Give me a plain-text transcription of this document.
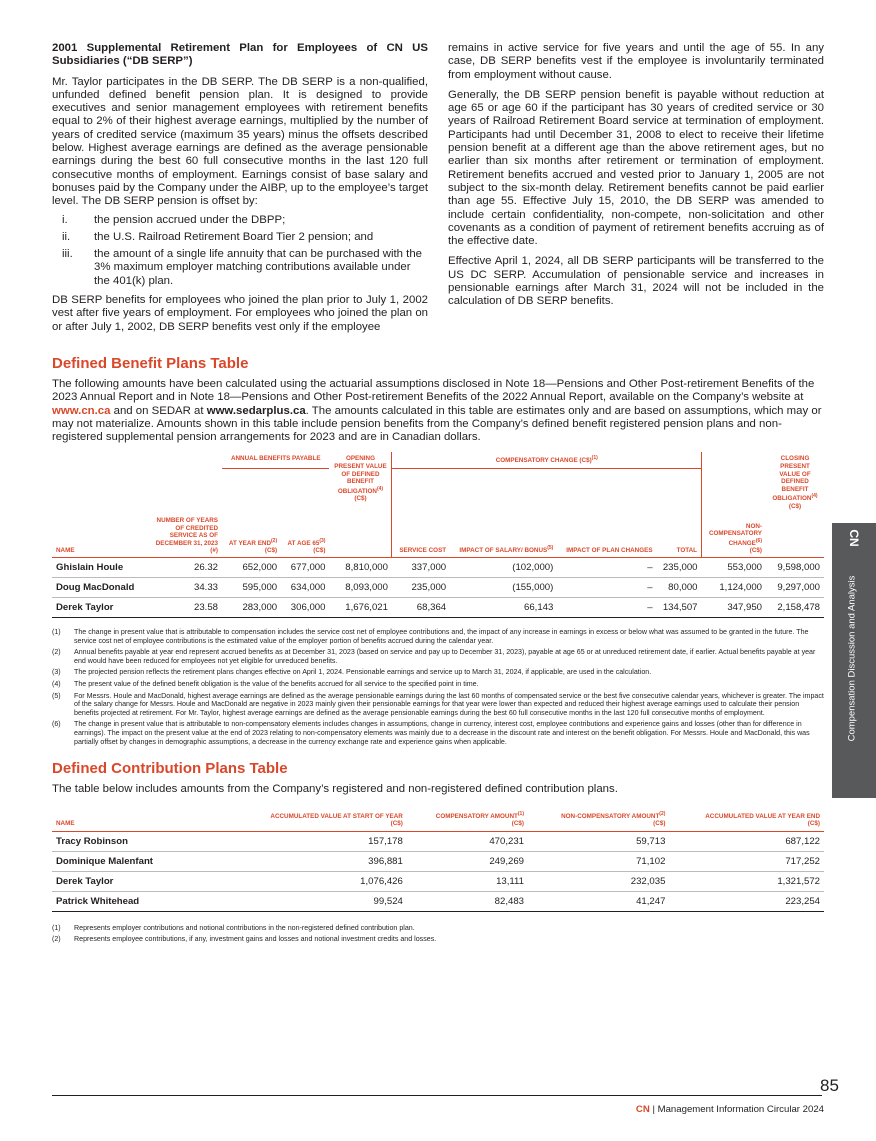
2001 Supplemental Retirement Plan for Employees of CN US Subsidiaries (“DB SERP”)

Mr. Taylor participates in the DB SERP. The DB SERP is a non-qualified, unfunded defined benefit pension plan. It is designed to provide executives and senior management employees with retirement benefits equal to 2% of their highest average earnings, multiplied by the number of years of credited service (maximum 35 years) minus the offsets described below. Highest average earnings are defined as the average pensionable earnings during the best 60 full consecutive months in the last 120 full consecutive months of employment. Earnings consist of base salary and bonuses paid by the Company under the AIBP, up to the employee’s target level. The DB SERP pension is offset by:

i.	the pension accrued under the DBPP;
ii.	the U.S. Railroad Retirement Board Tier 2 pension; and
iii.	the amount of a single life annuity that can be purchased with the 3% maximum employer matching contributions available under the 401(k) plan.

DB SERP benefits for employees who joined the plan prior to July 1, 2002 vest after five years of employment. For employees who joined the plan on or after July 1, 2002, DB SERP benefits vest only if the employee

remains in active service for five years and until the age of 55. In any case, DB SERP benefits vest if the employee is involuntarily terminated from employment without cause.

Generally, the DB SERP pension benefit is payable without reduction at age 65 or age 60 if the participant has 30 years of credited service or 30 years of Railroad Retirement Board service at termination of employment. Participants had until December 31, 2008 to elect to receive their lifetime pension benefit at a different age than the above retirement ages, but no earlier than six months after retirement or termination of employment. Retirement benefits accrued and vested prior to January 1, 2005 are not subject to the six-month delay. Retirement benefits cannot be paid earlier than age 55. Effective July 15, 2010, the DB SERP was amended to include certain confidentiality, non-compete, non-solicitation and other covenants as a condition of payment of retirement benefits accruing as of the effective date.

Effective April 1, 2024, all DB SERP participants will be transferred to the US DC SERP. Accumulation of pensionable service and increases in pensionable earnings after March 31, 2024 will not be included in the calculation of DB SERP benefits.

Defined Benefit Plans Table

The following amounts have been calculated using the actuarial assumptions disclosed in Note 18—Pensions and Other Post-retirement Benefits of the 2023 Annual Report and in Note 18—Pensions and Other Post-retirement Benefits of the 2022 Annual Report, available on the Company’s website at www.cn.ca and on SEDAR at www.sedarplus.ca. The amounts calculated in this table are estimates only and are based on assumptions, which may or may not materialize. Amounts shown in this table include pension benefits from the Company’s defined benefit registered pension plans and non-registered supplemental pension arrangements for 2023 and are in Canadian dollars.

		ANNUAL BENEFITS PAYABLE		OPENING PRESENT VALUE OF DEFINED BENEFIT OBLIGATION$^{(4)}$
(C$)	COMPENSATORY CHANGE (C$)$^{(1)}$					CLOSING PRESENT VALUE OF DEFINED BENEFIT OBLIGATION$^{(4)}$
(C$)

NAME	NUMBER OF YEARS OF CREDITED SERVICE AS OF DECEMBER 31, 2023
(#)	AT YEAR END$^{(2)}$
(C$)	AT AGE 65$^{(3)}$
(C$)		SERVICE COST	IMPACT OF SALARY/ BONUS$^{(5)}$	IMPACT OF PLAN CHANGES	TOTAL	NON- COMPENSATORY CHANGE$^{(6)}$
(C$)	
Ghislain Houle	26.32	652,000	677,000	8,810,000	337,000	(102,000)	–	235,000	553,000	9,598,000
Doug MacDonald	34.33	595,000	634,000	8,093,000	235,000	(155,000)	–	80,000	1,124,000	9,297,000
Derek Taylor	23.58	283,000	306,000	1,676,021	68,364	66,143	–	134,507	347,950	2,158,478
(1)	The change in present value that is attributable to compensation includes the service cost net of employee contributions and, the impact of any increase in earnings in excess or below what was assumed to be granted in the future. The service cost net of employee contributions is the estimated value of the employer portion of benefits accrued during the calendar year.
(2)	Annual benefits payable at year end represent accrued benefits as at December 31, 2023 (based on service and pay up to December 31, 2023), payable at age 65 or at unreduced retirement date, if earlier. Actual benefits payable at year end would have been reduced for employees not yet eligible for unreduced benefits.
(3)	The projected pension reflects the retirement plans changes effective on April 1, 2024. Pensionable earnings and service up to March 31, 2024, if applicable, are used in the calculation.
(4)	The present value of the defined benefit obligation is the value of the benefits accrued for all service to the specified point in time.
(5)	For Messrs. Houle and MacDonald, highest average earnings are defined as the average pensionable earnings during the last 60 months of compensated service or the best five consecutive calendar years, whichever is greater. The impact of the salary change for Messrs. Houle and MacDonald are negative in 2023 mainly given their pensionable earnings for that year were lower than expected and reduced their highest average earnings used to calculate their pension benefits projected at retirement. For Mr. Taylor, highest average earnings are defined as the average pensionable earnings during the best 60 full consecutive months in the last 120 full consecutive months of employment.
(6)	The change in present value that is attributable to non-compensatory elements includes changes in assumptions, change in currency, interest cost, employee contributions and experience gains and losses (other than for difference in earnings). The impact on the present value at the end of 2023 relating to non-compensatory elements was mainly due to a decrease in the discount rate and interest on the benefit obligation. For Messrs. Houle and MacDonald, this was partially offset by changes in demographic assumptions, a decrease in the currency exchange rate and experience gains when applicable.
Defined Contribution Plans Table

The table below includes amounts from the Company’s registered and non-registered defined contribution plans.

NAME	ACCUMULATED VALUE AT START OF YEAR
(C$)	COMPENSATORY AMOUNT$^{(1)}$
(C$)	NON-COMPENSATORY AMOUNT$^{(2)}$
(C$)	ACCUMULATED VALUE AT YEAR END
(C$)
Tracy Robinson	157,178	470,231	59,713	687,122
Dominique Malenfant	396,881	249,269	71,102	717,252
Derek Taylor	1,076,426	13,111	232,035	1,321,572
Patrick Whitehead	99,524	82,483	41,247	223,254
(1)	Represents employer contributions and notional contributions in the non-registered defined contribution plan.
(2)	Represents employee contributions, if any, investment gains and losses and notional investment credits and losses.
CN
Compensation Discussion and Analysis
85
CN | Management Information Circular 2024
